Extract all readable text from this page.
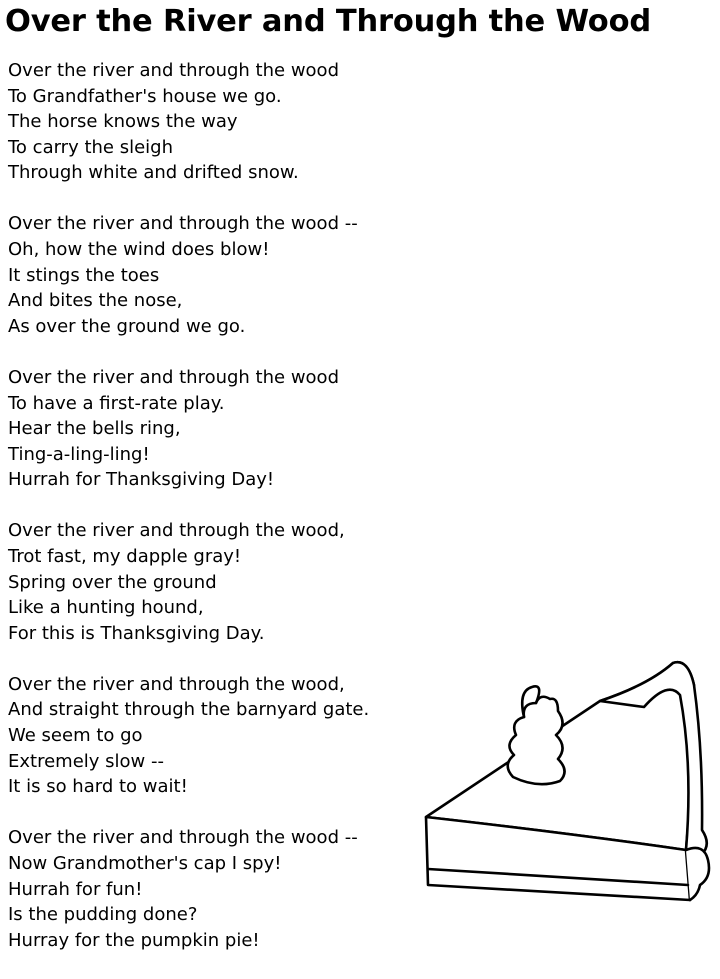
Over the River and Through the Wood
Over the river and through the wood
To Grandfather's house we go.
The horse knows the way
To carry the sleigh
Through white and drifted snow.
Over the river and through the wood --
Oh, how the wind does blow!
It stings the toes
And bites the nose,
As over the ground we go.
Over the river and through the wood
To have a first-rate play.
Hear the bells ring,
Ting-a-ling-ling!
Hurrah for Thanksgiving Day!
Over the river and through the wood,
Trot fast, my dapple gray!
Spring over the ground
Like a hunting hound,
For this is Thanksgiving Day.
Over the river and through the wood,
And straight through the barnyard gate.
We seem to go
Extremely slow --
It is so hard to wait!
Over the river and through the wood --
Now Grandmother's cap I spy!
Hurrah for fun!
Is the pudding done?
Hurray for the pumpkin pie!
